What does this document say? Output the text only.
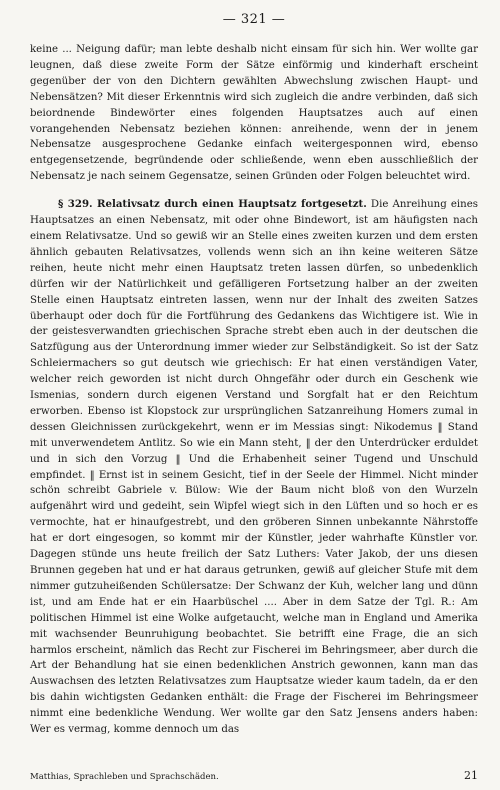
— 321 —

keine ... Neigung dafür; man lebte deshalb nicht einsam für sich hin. Wer wollte gar leugnen, daß diese zweite Form der Sätze einförmig und kinderhaft erscheint gegenüber der von den Dichtern gewählten Abwechslung zwischen Haupt- und Nebensätzen? Mit dieser Erkenntnis wird sich zugleich die andre verbinden, daß sich beiordnende Bindewörter eines folgenden Hauptsatzes auch auf einen vorangehenden Nebensatz beziehen können: anreihende, wenn der in jenem Nebensatze ausgesprochene Gedanke einfach weitergesponnen wird, ebenso entgegensetzende, begründende oder schließende, wenn eben ausschließlich der Nebensatz je nach seinem Gegensatze, seinen Gründen oder Folgen beleuchtet wird.

§ 329. Relativsatz durch einen Hauptsatz fortgesetzt. Die Anreihung eines Hauptsatzes an einen Nebensatz, mit oder ohne Bindewort, ist am häufigsten nach einem Relativsatze. Und so gewiß wir an Stelle eines zweiten kurzen und dem ersten ähnlich gebauten Relativsatzes, vollends wenn sich an ihn keine weiteren Sätze reihen, heute nicht mehr einen Hauptsatz treten lassen dürfen, so unbedenklich dürfen wir der Natürlichkeit und gefälligeren Fortsetzung halber an der zweiten Stelle einen Hauptsatz eintreten lassen, wenn nur der Inhalt des zweiten Satzes überhaupt oder doch für die Fortführung des Gedankens das Wichtigere ist. Wie in der geistesverwandten griechischen Sprache strebt eben auch in der deutschen die Satzfügung aus der Unterordnung immer wieder zur Selbständigkeit. So ist der Satz Schleiermachers so gut deutsch wie griechisch: Er hat einen verständigen Vater, welcher reich geworden ist nicht durch Ohngefähr oder durch ein Geschenk wie Ismenias, sondern durch eigenen Verstand und Sorgfalt hat er den Reichtum erworben. Ebenso ist Klopstock zur ursprünglichen Satzanreihung Homers zumal in dessen Gleichnissen zurückgekehrt, wenn er im Messias singt: Nikodemus ‖ Stand mit unverwendetem Antlitz. So wie ein Mann steht, ‖ der den Unterdrücker erduldet und in sich den Vorzug ‖ Und die Erhabenheit seiner Tugend und Unschuld empfindet. ‖ Ernst ist in seinem Gesicht, tief in der Seele der Himmel. Nicht minder schön schreibt Gabriele v. Bülow: Wie der Baum nicht bloß von den Wurzeln aufgenährt wird und gedeiht, sein Wipfel wiegt sich in den Lüften und so hoch er es vermochte, hat er hinaufgestrebt, und den gröberen Sinnen unbekannte Nährstoffe hat er dort eingesogen, so kommt mir der Künstler, jeder wahrhafte Künstler vor. Dagegen stünde uns heute freilich der Satz Luthers: Vater Jakob, der uns diesen Brunnen gegeben hat und er hat daraus getrunken, gewiß auf gleicher Stufe mit dem nimmer gutzuheißenden Schülersatze: Der Schwanz der Kuh, welcher lang und dünn ist, und am Ende hat er ein Haarbüschel .... Aber in dem Satze der Tgl. R.: Am politischen Himmel ist eine Wolke aufgetaucht, welche man in England und Amerika mit wachsender Beunruhigung beobachtet. Sie betrifft eine Frage, die an sich harmlos erscheint, nämlich das Recht zur Fischerei im Behringsmeer, aber durch die Art der Behandlung hat sie einen bedenklichen Anstrich gewonnen, kann man das Auswachsen des letzten Relativsatzes zum Hauptsatze wieder kaum tadeln, da er den bis dahin wichtigsten Gedanken enthält: die Frage der Fischerei im Behringsmeer nimmt eine bedenkliche Wendung. Wer wollte gar den Satz Jensens anders haben: Wer es vermag, komme dennoch um das

Matthias, Sprachleben und Sprachschäden.	21
